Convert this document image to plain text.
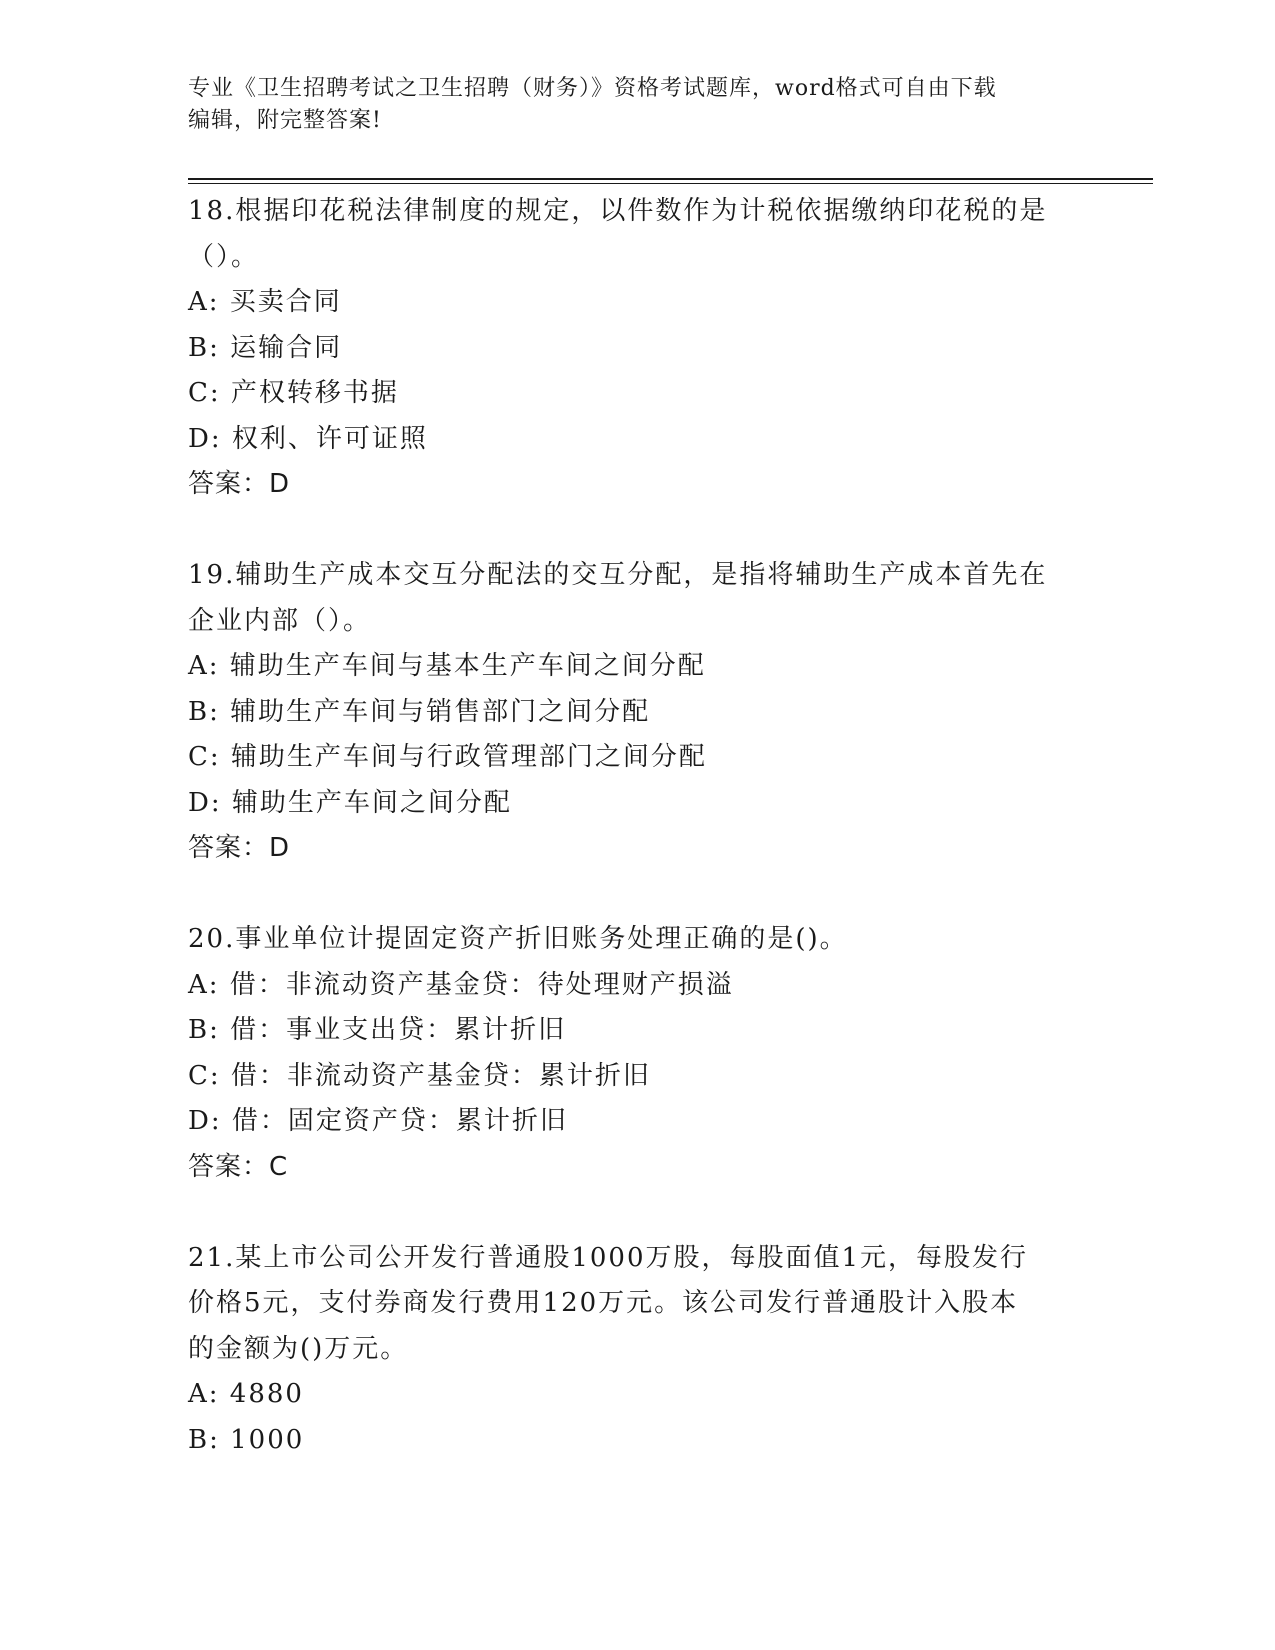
专业《卫生招聘考试之卫生招聘（财务）》资格考试题库，word格式可自由下载
编辑，附完整答案!

18.根据印花税法律制度的规定，以件数作为计税依据缴纳印花税的是

（）。

A: 买卖合同

B: 运输合同

C: 产权转移书据

D: 权利、许可证照

答案：D

19.辅助生产成本交互分配法的交互分配，是指将辅助生产成本首先在

企业内部（）。

A: 辅助生产车间与基本生产车间之间分配

B: 辅助生产车间与销售部门之间分配

C: 辅助生产车间与行政管理部门之间分配

D: 辅助生产车间之间分配

答案：D

20.事业单位计提固定资产折旧账务处理正确的是()。

A: 借：非流动资产基金贷：待处理财产损溢

B: 借：事业支出贷：累计折旧

C: 借：非流动资产基金贷：累计折旧

D: 借：固定资产贷：累计折旧

答案：C

21.某上市公司公开发行普通股1000万股，每股面值1元，每股发行

价格5元，支付券商发行费用120万元。该公司发行普通股计入股本

的金额为()万元。

A: 4880

B: 1000
